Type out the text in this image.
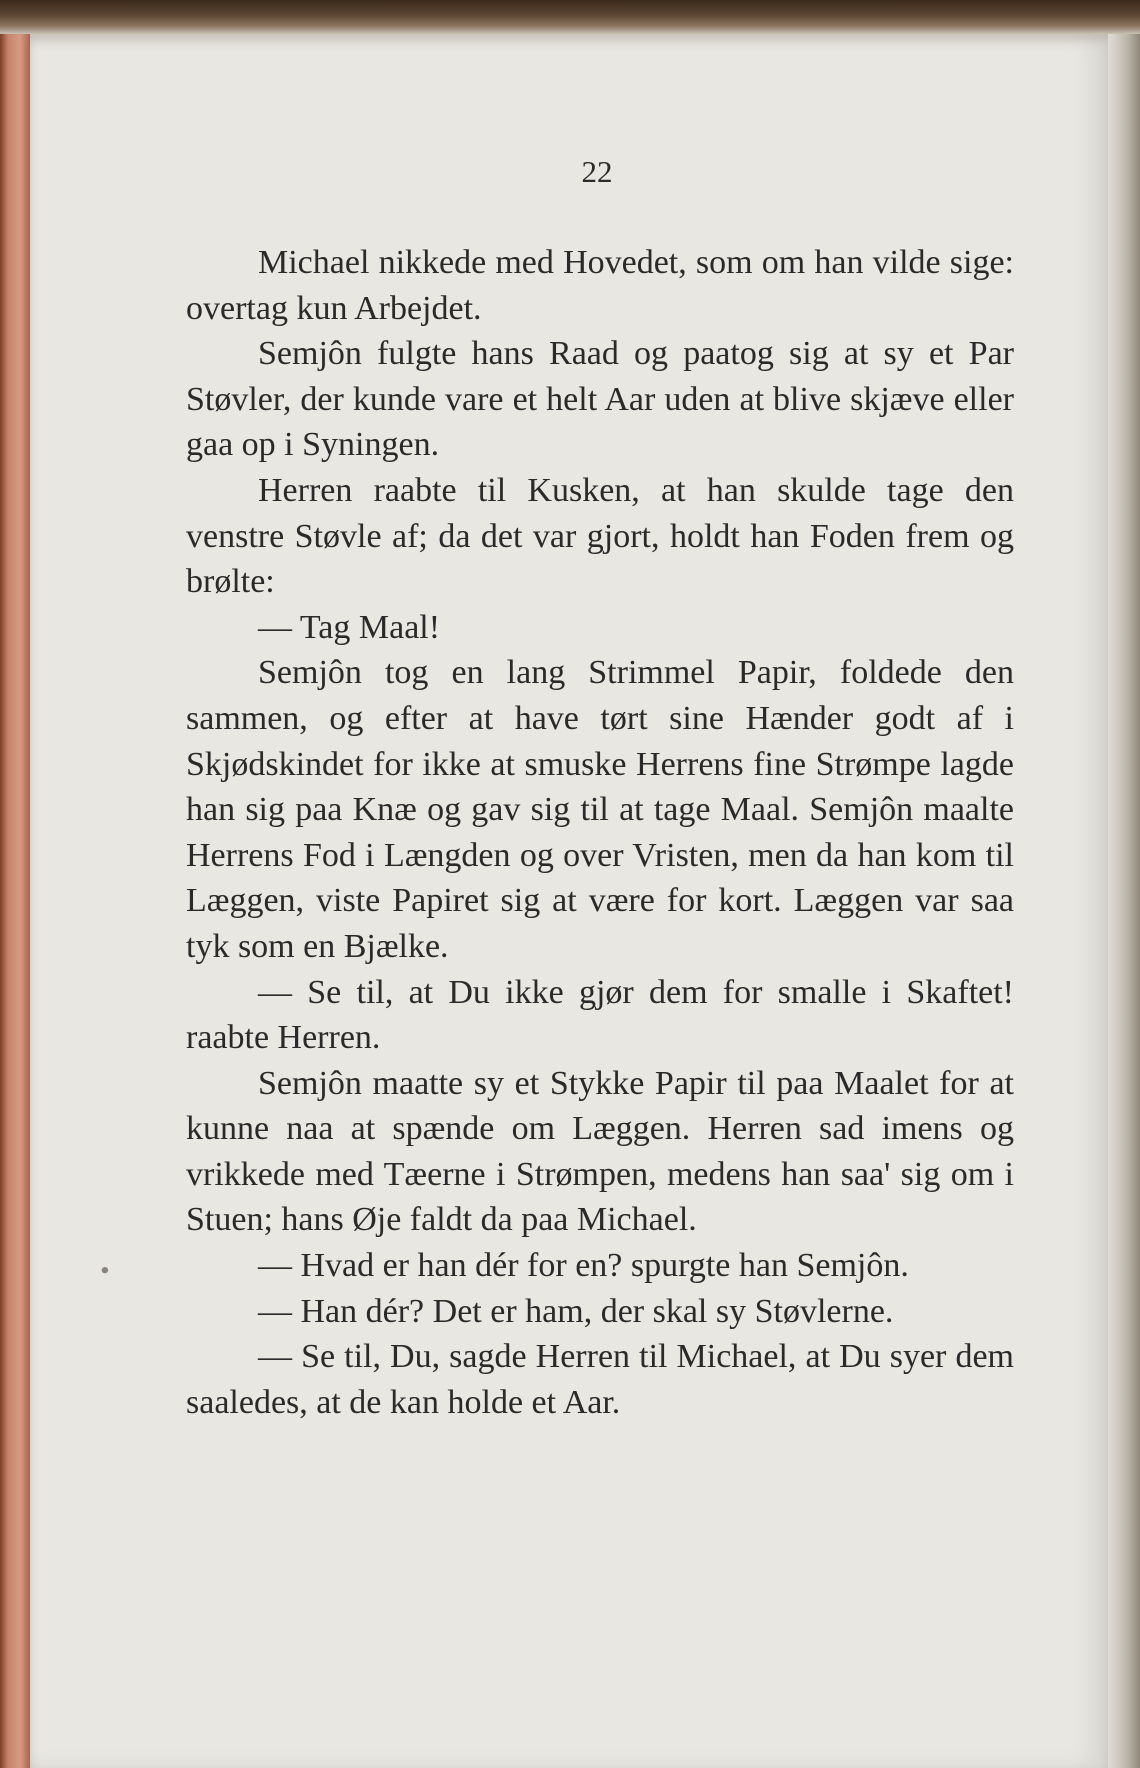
22

Michael nikkede med Hovedet, som om han vilde sige: overtag kun Arbejdet.

Semjôn fulgte hans Raad og paatog sig at sy et Par Støvler, der kunde vare et helt Aar uden at blive skjæve eller gaa op i Syningen.

Herren raabte til Kusken, at han skulde tage den venstre Støvle af; da det var gjort, holdt han Foden frem og brølte:

— Tag Maal!

Semjôn tog en lang Strimmel Papir, foldede den sammen, og efter at have tørt sine Hænder godt af i Skjødskindet for ikke at smuske Herrens fine Strømpe lagde han sig paa Knæ og gav sig til at tage Maal. Semjôn maalte Herrens Fod i Længden og over Vristen, men da han kom til Læggen, viste Papiret sig at være for kort. Læggen var saa tyk som en Bjælke.

— Se til, at Du ikke gjør dem for smalle i Skaftet! raabte Herren.

Semjôn maatte sy et Stykke Papir til paa Maalet for at kunne naa at spænde om Læggen. Herren sad imens og vrikkede med Tæerne i Strømpen, medens han saa' sig om i Stuen; hans Øje faldt da paa Michael.

— Hvad er han dér for en? spurgte han Semjôn.

— Han dér? Det er ham, der skal sy Støvlerne.

— Se til, Du, sagde Herren til Michael, at Du syer dem saaledes, at de kan holde et Aar.

∙
